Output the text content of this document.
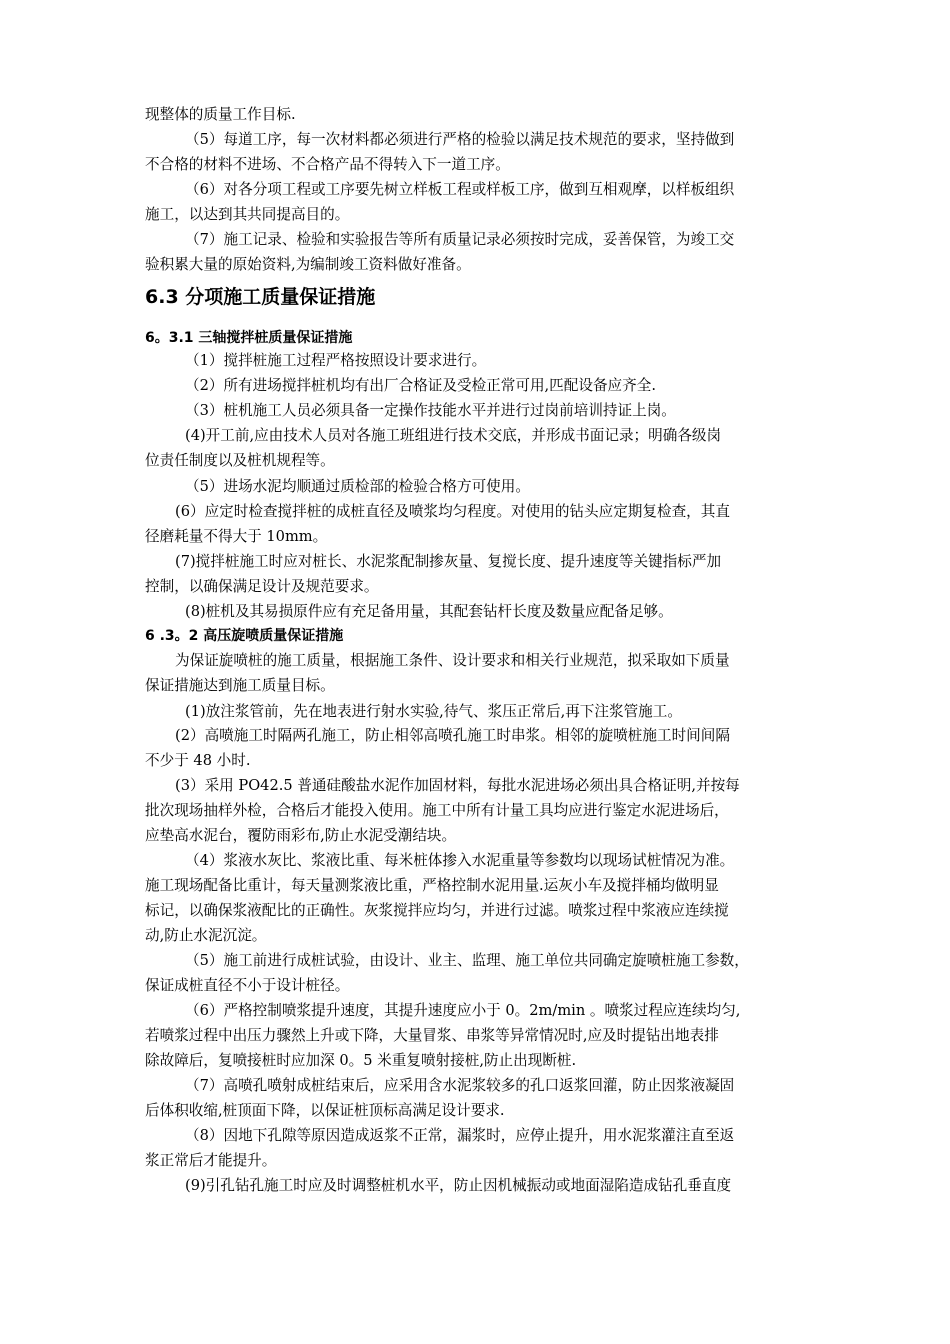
现整体的质量工作目标.
（5）每道工序，每一次材料都必须进行严格的检验以满足技术规范的要求，坚持做到
不合格的材料不进场、不合格产品不得转入下一道工序。
（6）对各分项工程或工序要先树立样板工程或样板工序，做到互相观摩，以样板组织
施工，以达到其共同提高目的。
（7）施工记录、检验和实验报告等所有质量记录必须按时完成，妥善保管，为竣工交
验积累大量的原始资料,为编制竣工资料做好准备。
6.3 分项施工质量保证措施
6。3.1 三轴搅拌桩质量保证措施
（1）搅拌桩施工过程严格按照设计要求进行。
（2）所有进场搅拌桩机均有出厂合格证及受检正常可用,匹配设备应齐全.
（3）桩机施工人员必须具备一定操作技能水平并进行过岗前培训持证上岗。
(4)开工前,应由技术人员对各施工班组进行技术交底，并形成书面记录；明确各级岗
位责任制度以及桩机规程等。
（5）进场水泥均顺通过质检部的检验合格方可使用。
(6）应定时检查搅拌桩的成桩直径及喷浆均匀程度。对使用的钻头应定期复检查，其直
径磨耗量不得大于 10mm。
(7)搅拌桩施工时应对桩长、水泥浆配制掺灰量、复搅长度、提升速度等关键指标严加
控制，以确保满足设计及规范要求。
(8)桩机及其易损原件应有充足备用量，其配套钻杆长度及数量应配备足够。
6 .3。2 高压旋喷质量保证措施
为保证旋喷桩的施工质量，根据施工条件、设计要求和相关行业规范，拟采取如下质量
保证措施达到施工质量目标。
(1)放注浆管前，先在地表进行射水实验,待气、浆压正常后,再下注浆管施工。
(2）高喷施工时隔两孔施工，防止相邻高喷孔施工时串浆。相邻的旋喷桩施工时间间隔
不少于 48 小时.
(3）采用 PO42.5 普通硅酸盐水泥作加固材料，每批水泥进场必须出具合格证明,并按每
批次现场抽样外检，合格后才能投入使用。施工中所有计量工具均应进行鉴定水泥进场后，
应垫高水泥台，覆防雨彩布,防止水泥受潮结块。
（4）浆液水灰比、浆液比重、每米桩体掺入水泥重量等参数均以现场试桩情况为准。
施工现场配备比重计，每天量测浆液比重，严格控制水泥用量.运灰小车及搅拌桶均做明显
标记，以确保浆液配比的正确性。灰浆搅拌应均匀，并进行过滤。喷浆过程中浆液应连续搅
动,防止水泥沉淀。
（5）施工前进行成桩试验，由设计、业主、监理、施工单位共同确定旋喷桩施工参数，
保证成桩直径不小于设计桩径。
（6）严格控制喷浆提升速度，其提升速度应小于 0。2m/min 。喷浆过程应连续均匀,
若喷浆过程中出压力骤然上升或下降，大量冒浆、串浆等异常情况时,应及时提钻出地表排
除故障后，复喷接桩时应加深 0。5 米重复喷射接桩,防止出现断桩.
（7）高喷孔喷射成桩结束后，应采用含水泥浆较多的孔口返浆回灌，防止因浆液凝固
后体积收缩,桩顶面下降，以保证桩顶标高满足设计要求.
（8）因地下孔隙等原因造成返浆不正常，漏浆时，应停止提升，用水泥浆灌注直至返
浆正常后才能提升。
(9)引孔钻孔施工时应及时调整桩机水平，防止因机械振动或地面湿陷造成钻孔垂直度
